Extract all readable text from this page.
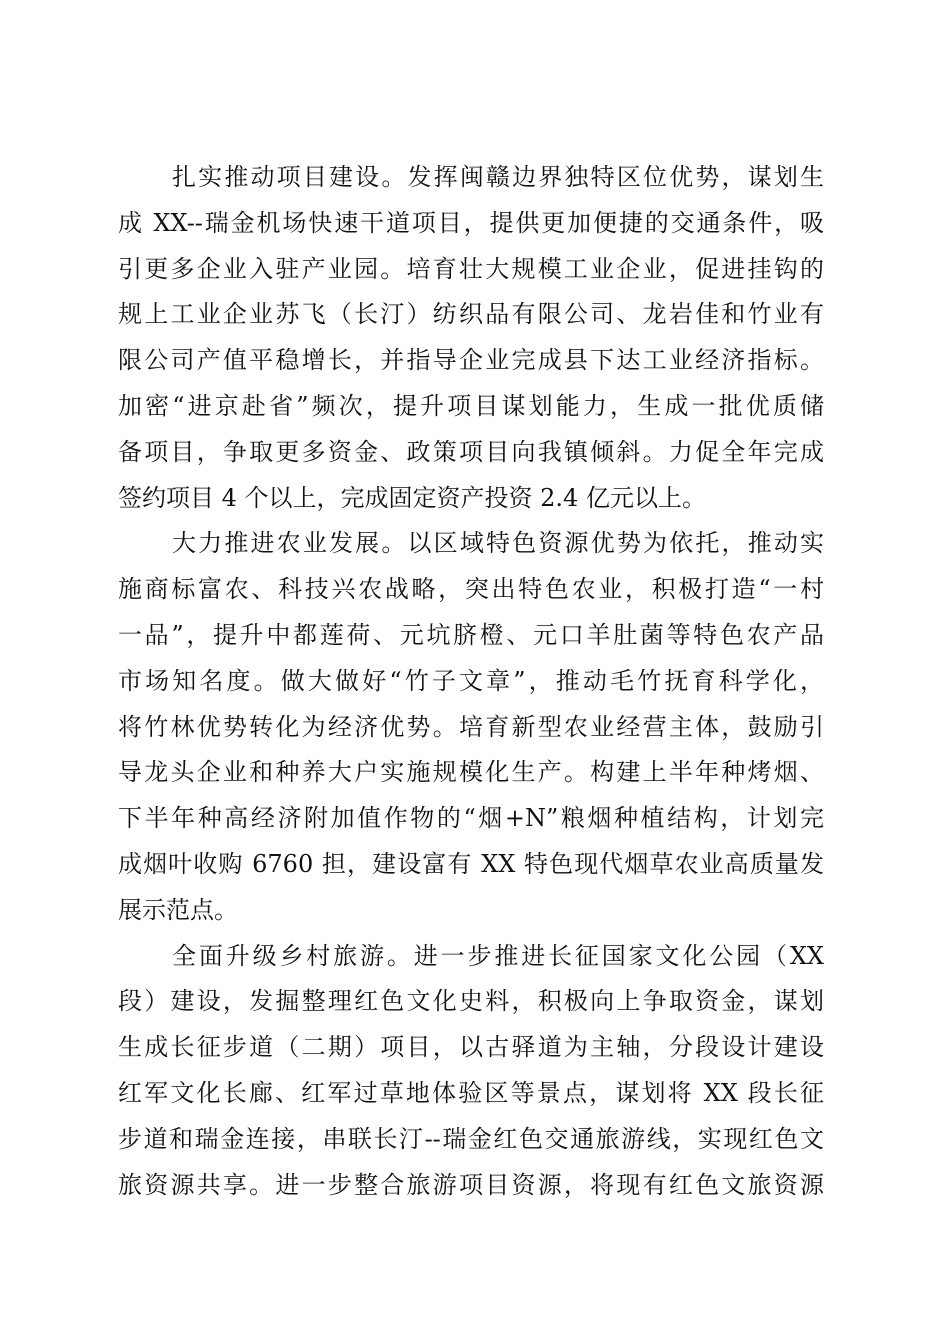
扎实推动项目建设。发挥闽赣边界独特区位优势，谋划生
成 XX--瑞金机场快速干道项目，提供更加便捷的交通条件，吸
引更多企业入驻产业园。培育壮大规模工业企业，促进挂钩的
规上工业企业苏飞（长汀）纺织品有限公司、龙岩佳和竹业有
限公司产值平稳增长，并指导企业完成县下达工业经济指标。
加密“进京赴省”频次，提升项目谋划能力，生成一批优质储
备项目，争取更多资金、政策项目向我镇倾斜。力促全年完成
签约项目 4 个以上，完成固定资产投资 2.4 亿元以上。
大力推进农业发展。以区域特色资源优势为依托，推动实
施商标富农、科技兴农战略，突出特色农业，积极打造“一村
一品”，提升中都莲荷、元坑脐橙、元口羊肚菌等特色农产品
市场知名度。做大做好“竹子文章”，推动毛竹抚育科学化，
将竹林优势转化为经济优势。培育新型农业经营主体，鼓励引
导龙头企业和种养大户实施规模化生产。构建上半年种烤烟、
下半年种高经济附加值作物的“烟+N”粮烟种植结构，计划完
成烟叶收购 6760 担，建设富有 XX 特色现代烟草农业高质量发
展示范点。
全面升级乡村旅游。进一步推进长征国家文化公园（XX
段）建设，发掘整理红色文化史料，积极向上争取资金，谋划
生成长征步道（二期）项目，以古驿道为主轴，分段设计建设
红军文化长廊、红军过草地体验区等景点，谋划将 XX 段长征
步道和瑞金连接，串联长汀--瑞金红色交通旅游线，实现红色文
旅资源共享。进一步整合旅游项目资源，将现有红色文旅资源
